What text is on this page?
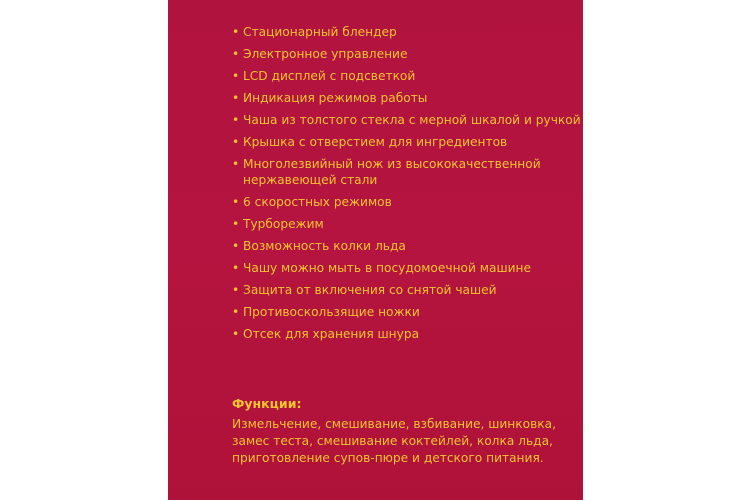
• Стационарный блендер
• Электронное управление
• LCD дисплей с подсветкой
• Индикация режимов работы
• Чаша из толстого стекла с мерной шкалой и ручкой
• Крышка с отверстием для ингредиентов
• Многолезвийный нож из высококачественной нержавеющей стали
• 6 скоростных режимов
• Турборежим
• Возможность колки льда
• Чашу можно мыть в посудомоечной машине
• Защита от включения со снятой чашей
• Противоскользящие ножки
• Отсек для хранения шнура

Функции:

Измельчение, смешивание, взбивание, шинковка, замес теста, смешивание коктейлей, колка льда, приготовление супов-пюре и детского питания.
